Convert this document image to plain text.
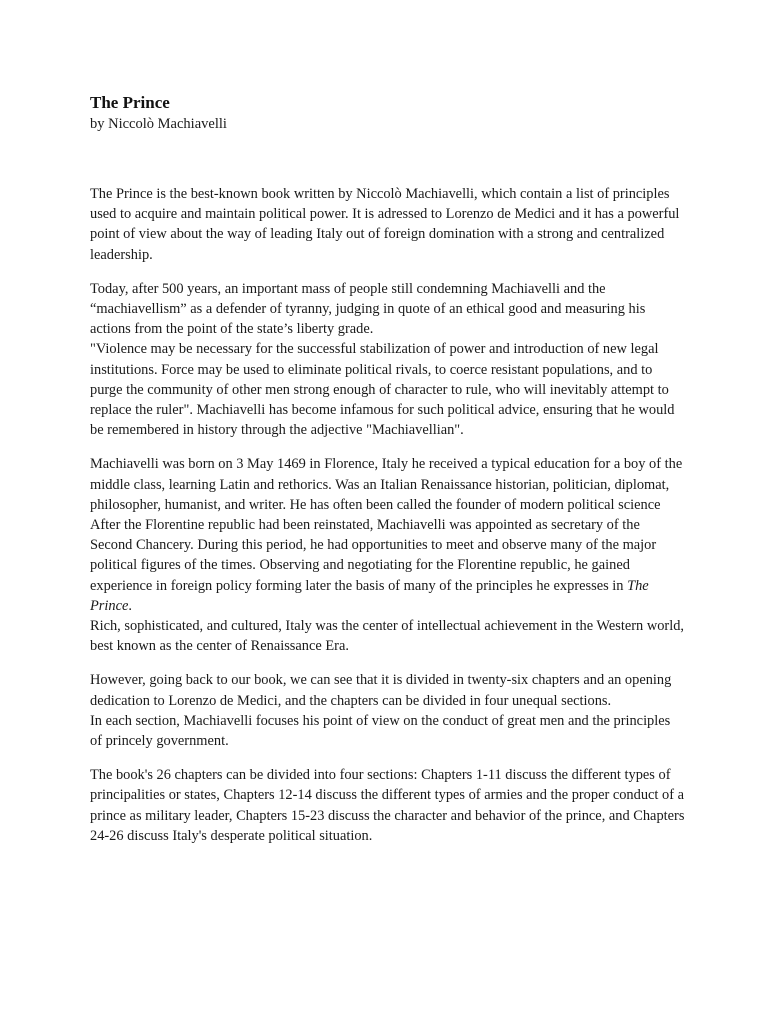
The Prince

by Niccolò Machiavelli

The Prince is the best-known book written by Niccolò Machiavelli, which contain a list of principles used to acquire and maintain political power. It is adressed to Lorenzo de Medici and it has a powerful point of view about the way of leading Italy out of foreign domination with a strong and centralized leadership.

Today, after 500 years, an important mass of people still condemning Machiavelli and the “machiavellism” as a defender of tyranny, judging in quote of an ethical good and measuring his actions from the point of the state’s liberty grade.
"Violence may be necessary for the successful stabilization of power and introduction of new legal institutions. Force may be used to eliminate political rivals, to coerce resistant populations, and to purge the community of other men strong enough of character to rule, who will inevitably attempt to replace the ruler". Machiavelli has become infamous for such political advice, ensuring that he would be remembered in history through the adjective "Machiavellian".

Machiavelli was born on 3 May 1469 in Florence, Italy he received a typical education for a boy of the middle class, learning Latin and rethorics. Was an Italian Renaissance historian, politician, diplomat, philosopher, humanist, and writer. He has often been called the founder of modern political science
After the Florentine republic had been reinstated, Machiavelli was appointed as secretary of the Second Chancery. During this period, he had opportunities to meet and observe many of the major political figures of the times. Observing and negotiating for the Florentine republic, he gained experience in foreign policy forming later the basis of many of the principles he expresses in The Prince.
Rich, sophisticated, and cultured, Italy was the center of intellectual achievement in the Western world, best known as the center of Renaissance Era.

However, going back to our book, we can see that it is divided in twenty-six chapters and an opening dedication to Lorenzo de Medici, and the chapters can be divided in four unequal sections.
In each section, Machiavelli focuses his point of view on the conduct of great men and the principles of princely government.

The book's 26 chapters can be divided into four sections: Chapters 1-11 discuss the different types of principalities or states, Chapters 12-14 discuss the different types of armies and the proper conduct of a prince as military leader, Chapters 15-23 discuss the character and behavior of the prince, and Chapters 24-26 discuss Italy's desperate political situation.
